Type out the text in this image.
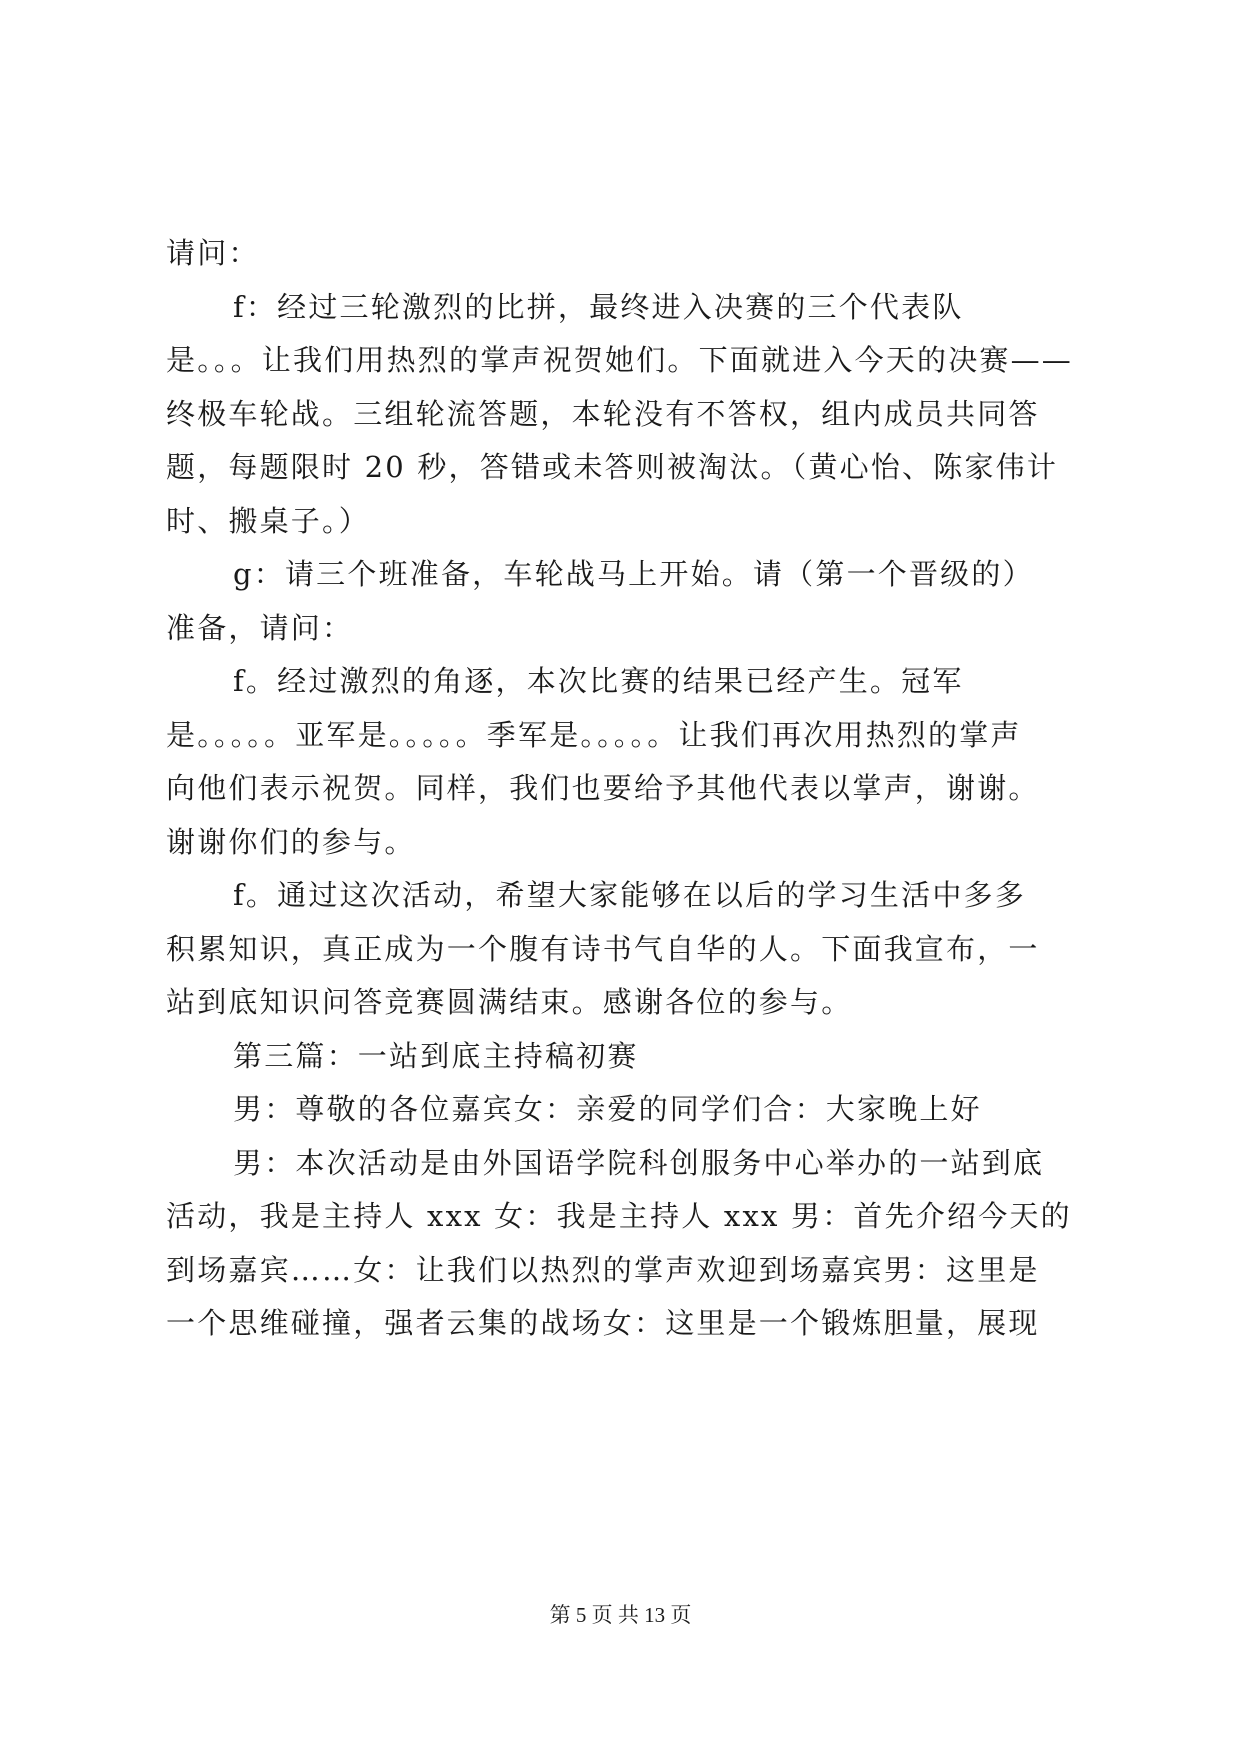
请问：
f：经过三轮激烈的比拼，最终进入决赛的三个代表队
是。。。让我们用热烈的掌声祝贺她们。下面就进入今天的决赛——
终极车轮战。三组轮流答题，本轮没有不答权，组内成员共同答
题，每题限时 20 秒，答错或未答则被淘汰。（黄心怡、陈家伟计
时、搬桌子。）
g：请三个班准备，车轮战马上开始。请（第一个晋级的）
准备，请问：
f。经过激烈的角逐，本次比赛的结果已经产生。冠军
是。。。。。亚军是。。。。。季军是。。。。。让我们再次用热烈的掌声
向他们表示祝贺。同样，我们也要给予其他代表以掌声，谢谢。
谢谢你们的参与。
f。通过这次活动，希望大家能够在以后的学习生活中多多
积累知识，真正成为一个腹有诗书气自华的人。下面我宣布，一
站到底知识问答竞赛圆满结束。感谢各位的参与。
第三篇：一站到底主持稿初赛
男：尊敬的各位嘉宾女：亲爱的同学们合：大家晚上好
男：本次活动是由外国语学院科创服务中心举办的一站到底
活动，我是主持人 xxx 女：我是主持人 xxx 男：首先介绍今天的
到场嘉宾……女：让我们以热烈的掌声欢迎到场嘉宾男：这里是
一个思维碰撞，强者云集的战场女：这里是一个锻炼胆量，展现
第 5 页 共 13 页
